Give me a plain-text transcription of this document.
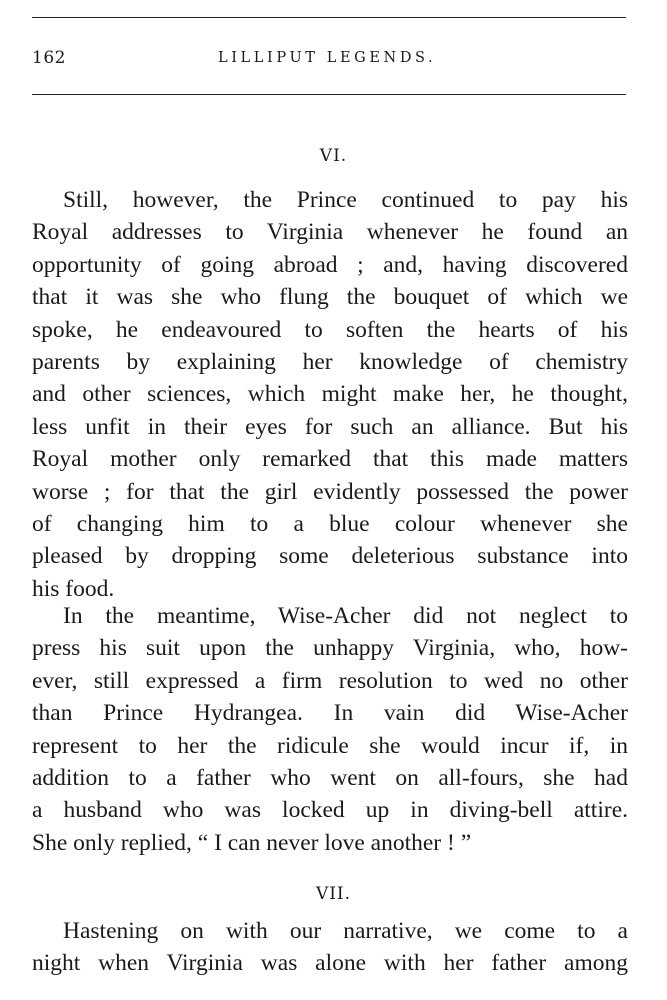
162	LILLIPUT LEGENDS.
VI.

Still, however, the Prince continued to pay his
Royal addresses to Virginia whenever he found an
opportunity of going abroad ; and, having discovered
that it was she who flung the bouquet of which we
spoke, he endeavoured to soften the hearts of his
parents by explaining her knowledge of chemistry
and other sciences, which might make her, he thought,
less unfit in their eyes for such an alliance. But his
Royal mother only remarked that this made matters
worse ; for that the girl evidently possessed the power
of changing him to a blue colour whenever she
pleased by dropping some deleterious substance into
his food.

In the meantime, Wise-Acher did not neglect to
press his suit upon the unhappy Virginia, who, how-
ever, still expressed a firm resolution to wed no other
than Prince Hydrangea. In vain did Wise-Acher
represent to her the ridicule she would incur if, in
addition to a father who went on all-fours, she had
a husband who was locked up in diving-bell attire.
She only replied, “ I can never love another ! ”

VII.

Hastening on with our narrative, we come to a
night when Virginia was alone with her father among
